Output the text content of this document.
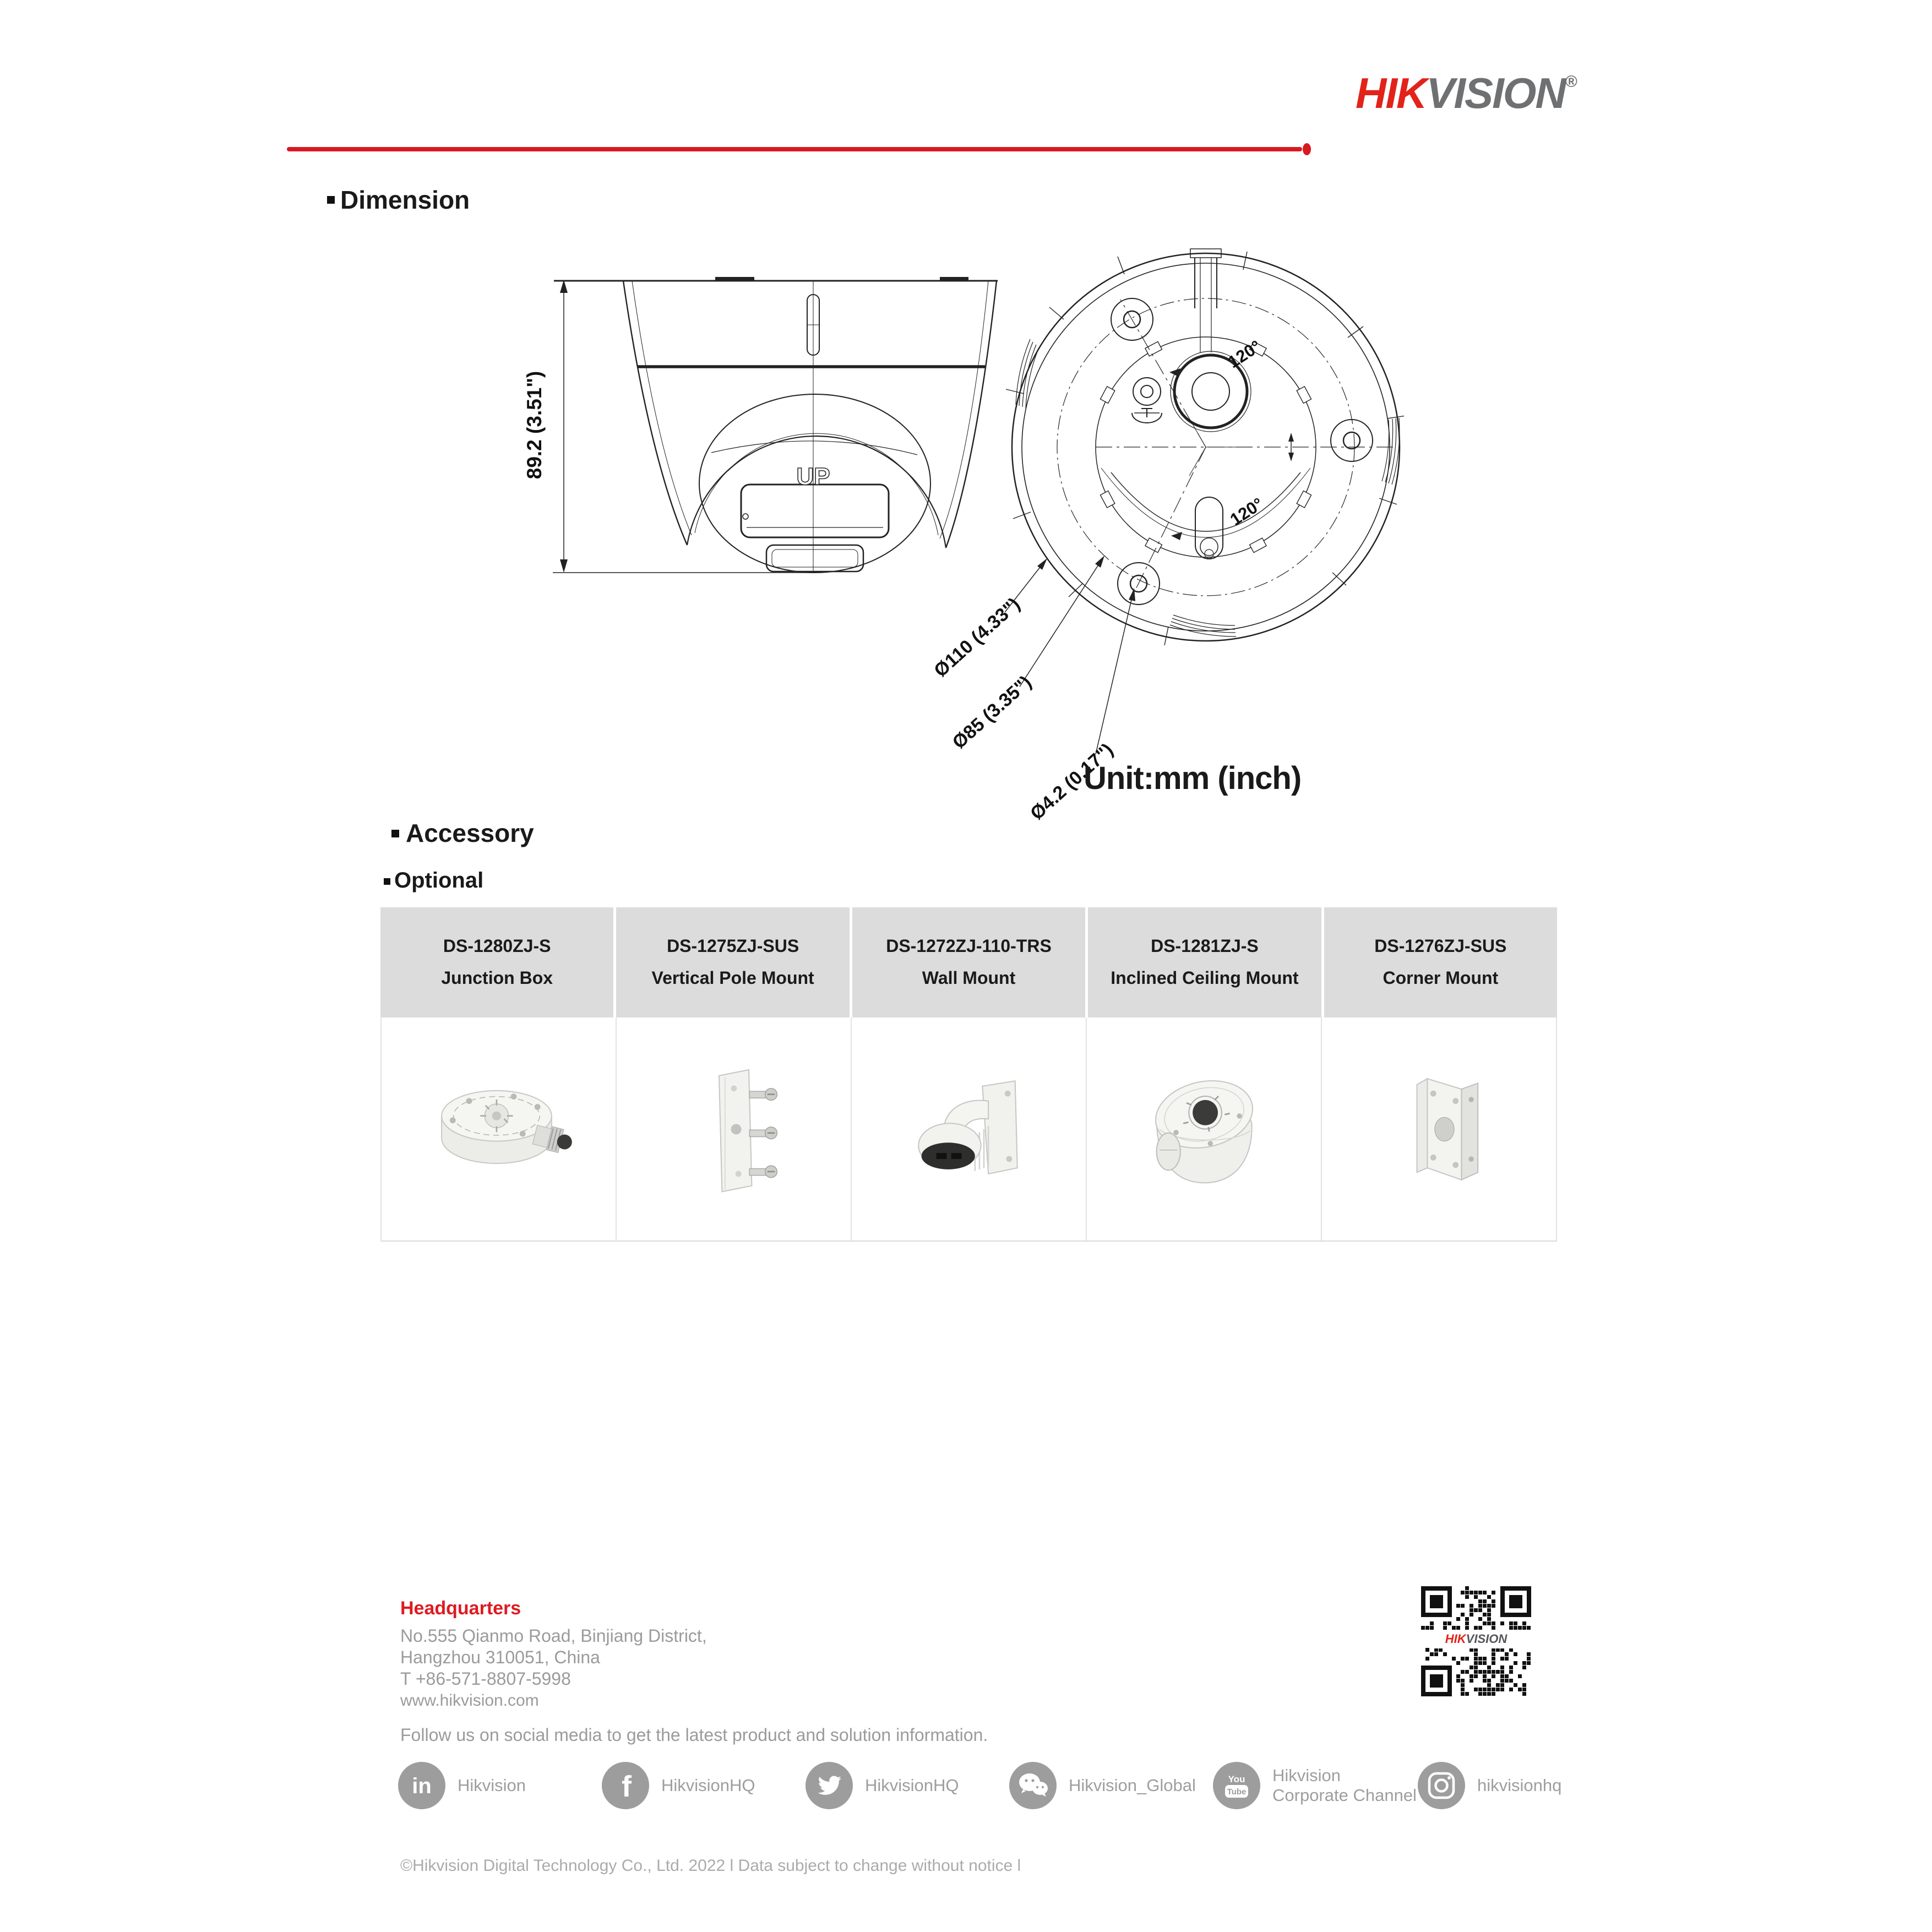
HIKVISION®
Dimension
UP
89.2 (3.51")
120°
120°
Ø110 (4.33")
Ø85 (3.35")
Ø4.2 (0.17")
Unit:mm (inch)
Accessory
Optional
DS-1280ZJ-S
Junction Box
DS-1275ZJ-SUS
Vertical Pole Mount
DS-1272ZJ-110-TRS
Wall Mount
DS-1281ZJ-S
Inclined Ceiling Mount
DS-1276ZJ-SUS
Corner Mount
Headquarters
No.555 Qianmo Road, Binjiang District,
Hangzhou 310051, China
T +86-571-8807-5998
www.hikvision.com
HIKVISION
Follow us on social media to get the latest product and solution information.
in Hikvision	f HikvisionHQ	HikvisionHQ	Hikvision_Global	You
Tube
Hikvision
Corporate Channel
hikvisionhq
©Hikvision Digital Technology Co., Ltd. 2022 l Data subject to change without notice l
